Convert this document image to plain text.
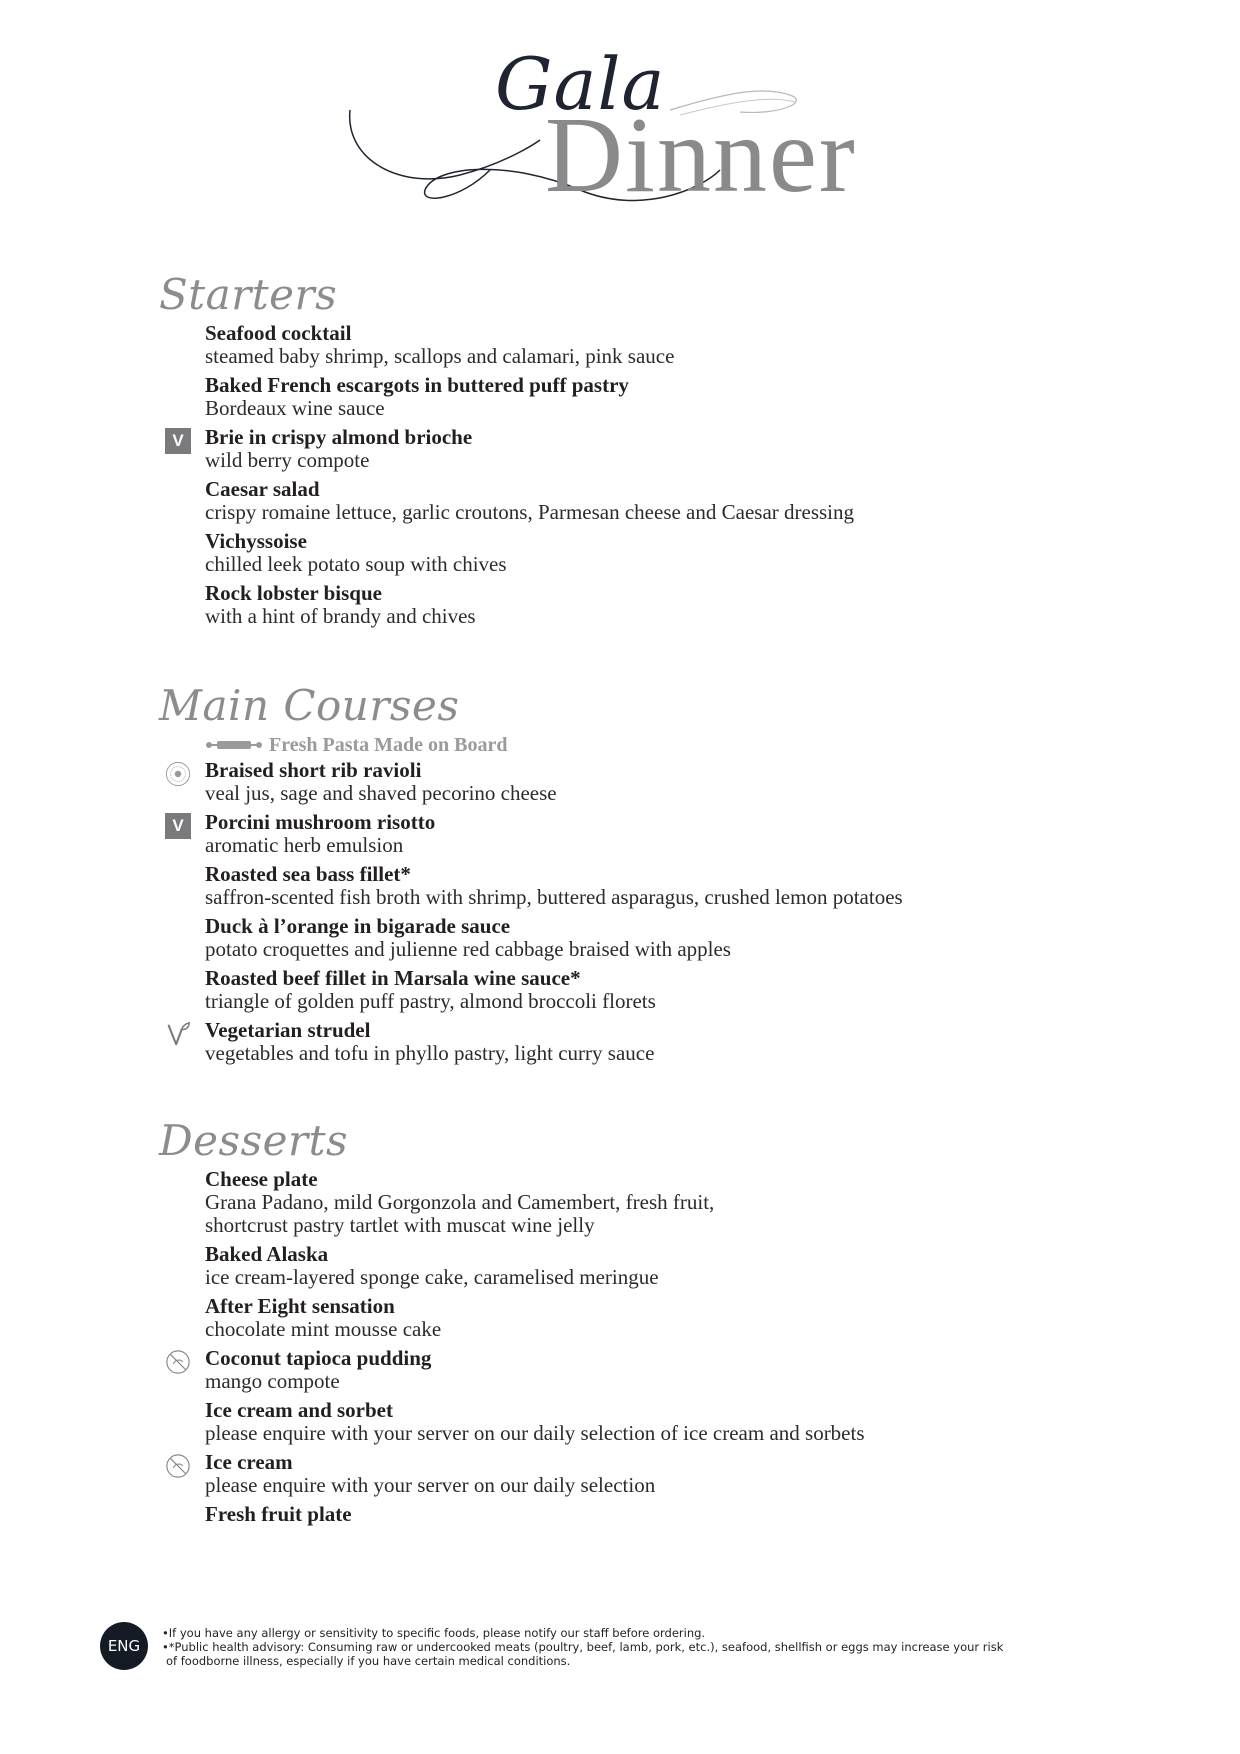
Gala
Dinner
Starters
Seafood cocktail
steamed baby shrimp, scallops and calamari, pink sauce
Baked French escargots in buttered puff pastry
Bordeaux wine sauce
V	Brie in crispy almond brioche
wild berry compote
Caesar salad
crispy romaine lettuce, garlic croutons, Parmesan cheese and Caesar dressing
Vichyssoise
chilled leek potato soup with chives
Rock lobster bisque
with a hint of brandy and chives
Main Courses
Fresh Pasta Made on Board
Braised short rib ravioli
veal jus, sage and shaved pecorino cheese
V	Porcini mushroom risotto
aromatic herb emulsion
Roasted sea bass fillet*
saffron-scented fish broth with shrimp, buttered asparagus, crushed lemon potatoes
Duck à l’orange in bigarade sauce
potato croquettes and julienne red cabbage braised with apples
Roasted beef fillet in Marsala wine sauce*
triangle of golden puff pastry, almond broccoli florets
Vegetarian strudel
vegetables and tofu in phyllo pastry, light curry sauce
Desserts
Cheese plate
Grana Padano, mild Gorgonzola and Camembert, fresh fruit,
shortcrust pastry tartlet with muscat wine jelly
Baked Alaska
ice cream-layered sponge cake, caramelised meringue
After Eight sensation
chocolate mint mousse cake
Coconut tapioca pudding
mango compote
Ice cream and sorbet
please enquire with your server on our daily selection of ice cream and sorbets
Ice cream
please enquire with your server on our daily selection
Fresh fruit plate
ENG
•If you have any allergy or sensitivity to specific foods, please notify our staff before ordering.
•*Public health advisory: Consuming raw or undercooked meats (poultry, beef, lamb, pork, etc.), seafood, shellfish or eggs may increase your risk
of foodborne illness, especially if you have certain medical conditions.
